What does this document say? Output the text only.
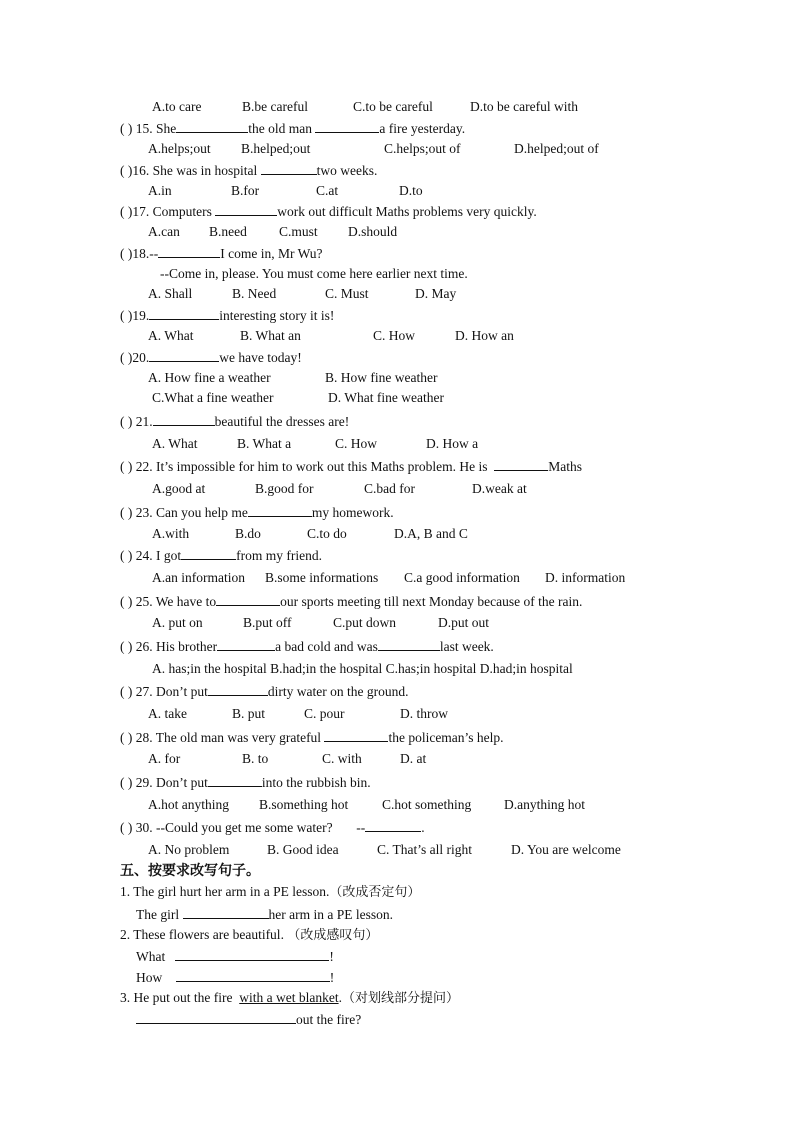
A.to care	B.be careful	C.to be careful	D.to be careful with
( ) 15. She	the old man	a fire yesterday.
A.helps;out B.helped;out	C.helps;out of	D.helped;out of
( )16. She was in hospital	two weeks.
A.in	B.for	C.at	D.to
( )17. Computers	work out difficult Maths problems very quickly.
A.can B.need C.must D.should
( )18.--	I come in, Mr Wu?
--Come in, please. You must come here earlier next time.
A. Shall	B. Need	C. Must	D. May
( )19.	interesting story it is!
A. What	B. What an	C. How	D. How an
( )20.	we have today!
A. How fine a weather	B. How fine weather
C.What a fine weather	D. What fine weather
( ) 21.	beautiful the dresses are!
A. What	B. What a	C. How	D. How a
( ) 22. It’s impossible for him to work out this Maths problem. He is	Maths
A.good at	B.good for	C.bad for	D.weak at
( ) 23. Can you help me	my homework.
A.with	B.do	C.to do	D.A, B and C
( ) 24. I got	from my friend.
A.an information B.some informations C.a good information D. information
( ) 25. We have to	our sports meeting till next Monday because of the rain.
A. put on	B.put off	C.put down	D.put out
( ) 26. His brother	a bad cold and was	last week.
A. has;in the hospital B.had;in the hospital C.has;in hospital D.had;in hospital
( ) 27. Don’t put	dirty water on the ground.
A. take	B. put	C. pour	D. throw
( ) 28. The old man was very grateful	the policeman’s help.
A. for	B. to	C. with	D. at
( ) 29. Don’t put	into the rubbish bin.
A.hot anything B.something hot C.hot something D.anything hot
( ) 30. --Could you get me some water? --	.
A. No problem	B. Good idea	C. That’s all right	D. You are welcome
五、按要求改写句子。
1. The girl hurt her arm in a PE lesson.（改成否定句）
The girl	her arm in a PE lesson.
2. These flowers are beautiful. （改成感叹句）
What	!
How	!
3. He put out the fire with a wet blanket.（对划线部分提问）
out the fire?
